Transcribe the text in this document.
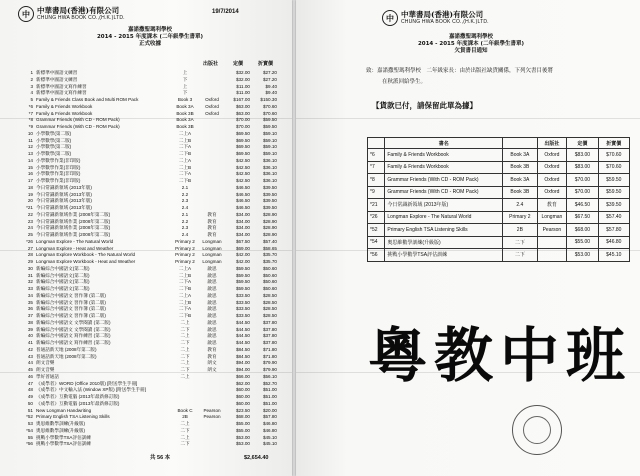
中 中華書局(香港)有限公司
CHUNG HWA BOOK CO.,(H.K.)LTD.
19/7/2014
嘉諾撒聖瑪利學校
2014 - 2015 年度課本 (二年級學生書單)
正式收據
出版社	定價	折實價
1 新標準中國語文練習	上	$32.00	$27.20
2 新標準中國語文練習	下	$32.00	$27.20
3 新標準中國語文寫作練習	上	$11.00	$9.40
4 新標準中國語文寫作練習	下	$11.00	$9.40
5 Family & Friends Class Book and Multi ROM Pack	Book 3	Oxford	$167.00	$150.30
*6 Family & Friends Workbook	Book 3A	Oxford	$63.00	$70.60
*7 Family & Friends Workbook	Book 3B	Oxford	$63.00	$70.60
*8 Grammar Friends (With CD - ROM Pack)	Book 3A	$70.00	$59.50
*9 Grammar Friends (With CD - ROM Pack)	Book 3B	$70.00	$59.50
10 小學數學(第二版)	二上A	$69.50	$59.10
11 小學數學(第二版)	二上B	$69.50	$59.10
12 小學數學(第二版)	二下A	$69.50	$59.10
13 小學數學(第二版)	二下B	$69.50	$59.10
14 小學數學作業(非印版)	二上A	$42.50	$36.10
15 小學數學作業(非印版)	二上B	$42.50	$36.10
16 小學數學作業(非印版)	二下A	$42.50	$36.10
17 小學數學作業(非印版)	二下B	$42.50	$36.10
18 今日常識新領域 (2013年版)	2.1	$46.50	$39.50
19 今日常識新領域 (2013年版)	2.2	$46.50	$39.50
20 今日常識新領域 (2013年版)	2.3	$46.50	$39.50
*21 今日常識新領域 (2013年版)	2.4	$46.50	$39.50
22 今日常識新領域作業 (2008年第二版)	2.1	教育	$34.00	$28.90
23 今日常識新領域作業 (2008年第二版)	2.2	教育	$34.00	$28.90
24 今日常識新領域作業 (2008年第二版)	2.3	教育	$34.00	$28.90
25 今日常識新領域作業 (2008年第二版)	2.4	教育	$34.00	$28.90
*26 Longman Explore - The Natural World	Primary 2	Longman	$67.50	$57.40
27 Longman Explore - Heat and Weather	Primary 2	Longman	$69.00	$58.65
28 Longman Explore Workbook - The Natural World	Primary 2	Longman	$42.00	$35.70
29 Longman Explore Workbook - Heat and Weather	Primary 2	Longman	$42.00	$35.70
30 新編綜合中國語文(第二版)	二上A	啟思	$59.50	$50.60
31 新編綜合中國語文(第二版)	二上B	啟思	$59.50	$50.60
32 新編綜合中國語文(第二版)	二下A	啟思	$59.50	$50.60
33 新編綜合中國語文(第二版)	二下B	啟思	$59.50	$50.60
34 新編綜合中國語文 習作簿 (第二版)	二上A	啟思	$33.50	$28.50
35 新編綜合中國語文 習作簿 (第二版)	二上B	啟思	$33.50	$28.50
36 新編綜合中國語文 習作簿 (第二版)	二下A	啟思	$33.50	$28.50
37 新編綜合中國語文 習作簿 (第二版)	二下B	啟思	$33.50	$28.50
38 新編綜合中國語文 文學閱讀 (第二版)	二上	啟思	$44.50	$37.80
39 新編綜合中國語文 文學閱讀 (第二版)	二下	啟思	$44.50	$37.80
40 新編綜合中國語文 寫作練習 (第二版)	二上	啟思	$44.50	$37.80
41 新編綜合中國語文 寫作練習 (第二版)	二下	啟思	$44.50	$37.80
42 普通話新天地 (2008年第二版)	二上	教育	$84.50	$71.80
43 普通話新天地 (2008年第二版)	二下	教育	$84.50	$71.80
44 朗文音樂	二上	朗文	$94.00	$79.90
45 朗文音樂	二下	朗文	$94.00	$79.90
46 學好普通話	二上	$66.00	$56.10
47 《成學者》WORD (Office 2010版) [附送學生手冊]	$62.00	$52.70
48 《成學者》中文輸入法 (Window XP版) [附送學生手冊]	$60.00	$51.00
49 《成學者》互動電腦 (2013年最新修訂版)	$60.00	$51.00
50 《成學者》互動電腦 (2013年最新修訂版)	$60.00	$51.00
51 New Longman Handwriting	Book C	Pearson	$23.50	$20.00
*52 Primary English TSA Listening Skills	2B	Pearson	$68.00	$57.80
53 奧思維數學訓練(升級版)	二上	$55.00	$46.80
*54 奧思維數學訓練(升級版)	二下	$55.00	$46.80
55 挑戰小學數學TSA評估訓練	二上	$53.00	$45.10
*56 挑戰小學數學TSA評估訓練	二下	$53.00	$45.10
共 56 本	$2,654.40
中 中華書局(香港)有限公司
CHUNG HWA BOOK CO.,(H.K.)LTD.
嘉諾撒聖瑪利學校
2014 - 2015 年度課本 (二年級學生書單)
欠貨書目通知
致：嘉諾撒聖瑪利學校　二年級家長：由於出版社缺貨關係，下列欠書目後將
在秋派回給學生。
【貨款已付，請保留此單為據】
	書名		出版社	定價	折實價
*6	Family & Friends Workbook	Book 3A	Oxford	$83.00	$70.60
*7	Family & Friends Workbook	Book 3B	Oxford	$83.00	$70.60
*8	Grammar Friends (With CD - ROM Pack)	Book 3A	Oxford	$70.00	$59.50
*9	Grammar Friends (With CD - ROM Pack)	Book 3B	Oxford	$70.00	$59.50
*21	今日常識新領域 (2013年版)	2.4	教育	$46.50	$39.50
*26	Longman Explore - The Natural World	Primary 2	Longman	$67.50	$57.40
*52	Primary English TSA Listening Skills	2B	Pearson	$68.00	$57.80
*54	奧思維數學訓練(升級版)	二下		$55.00	$46.80
*56	挑戰小學數學TSA評估訓練	二下		$53.00	$45.10
粵教中班
